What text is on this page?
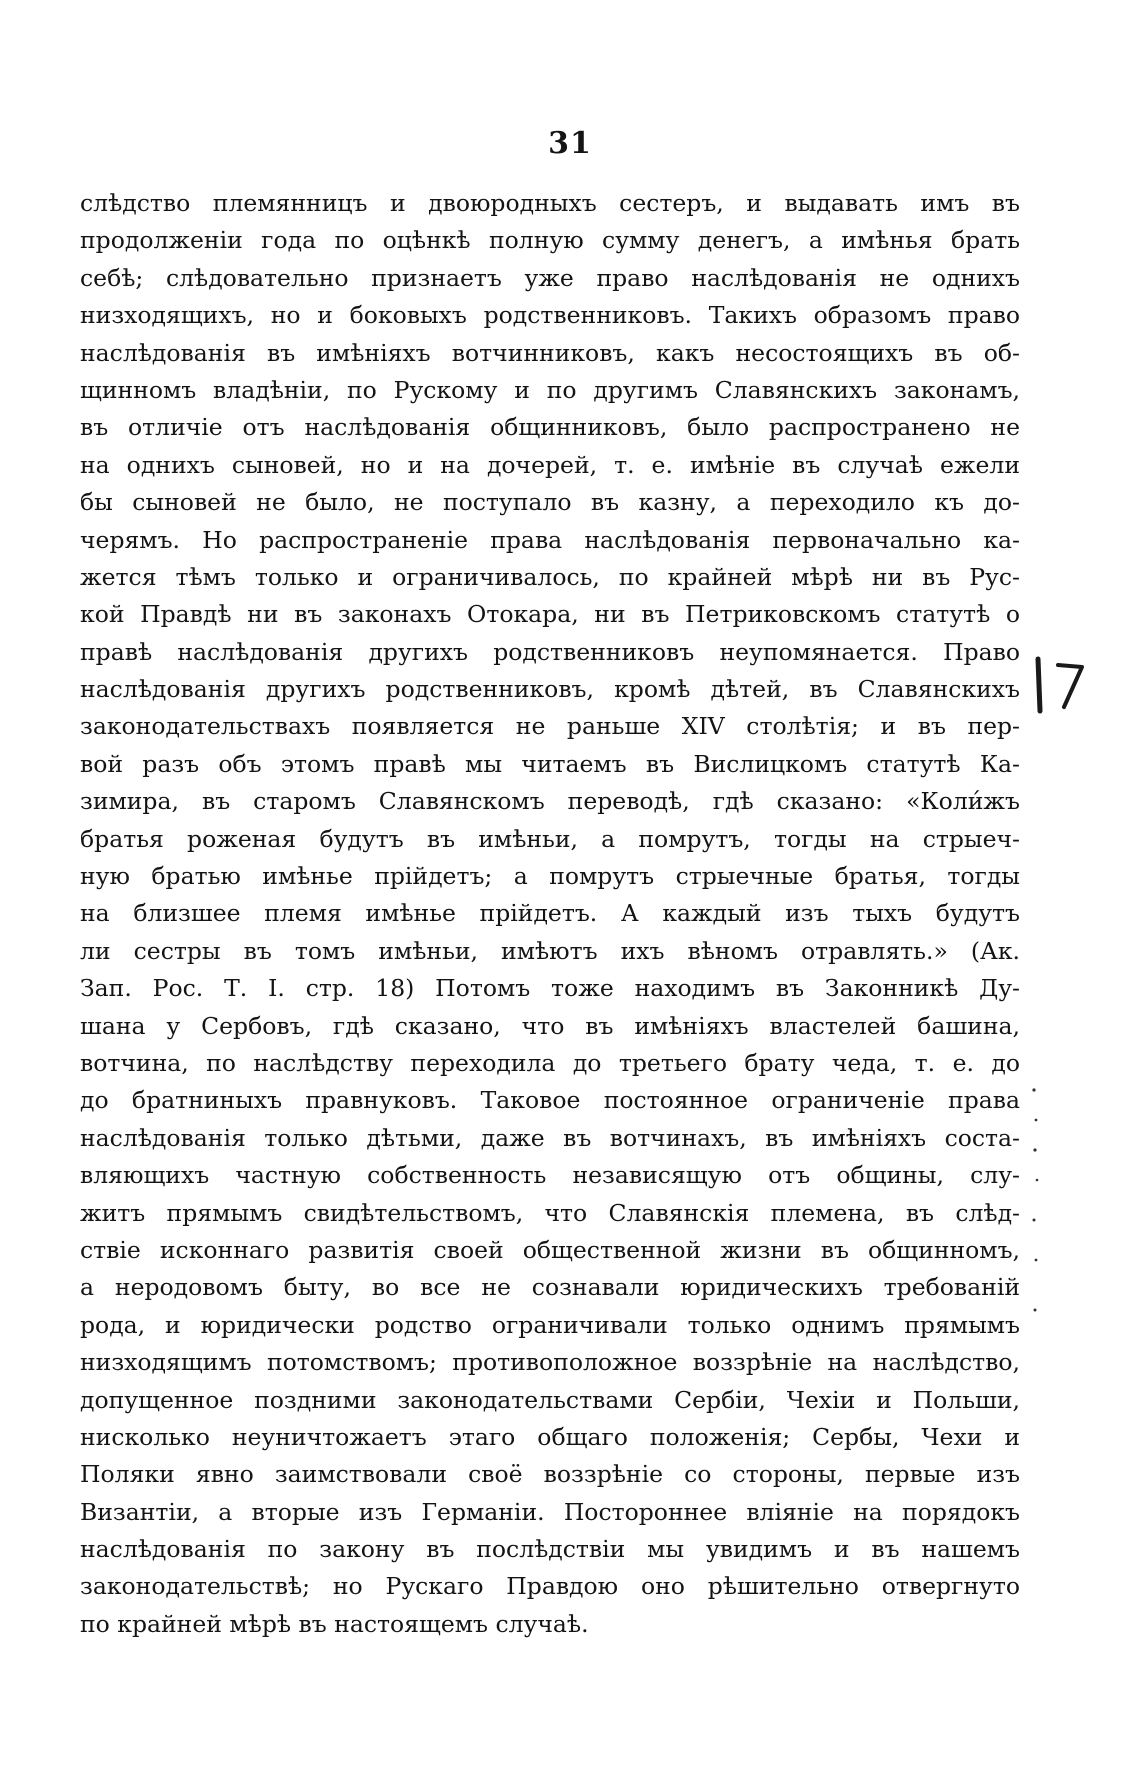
31
слѣдство племянницъ и двоюродныхъ сестеръ, и выдавать имъ въ
продолженіи года по оцѣнкѣ полную сумму денегъ, а имѣнья брать
себѣ; слѣдовательно признаетъ уже право наслѣдованія не однихъ
низходящихъ, но и боковыхъ родственниковъ. Такихъ образомъ право
наслѣдованія въ имѣніяхъ вотчинниковъ, какъ несостоящихъ въ об-
щинномъ владѣніи, по Рускому и по другимъ Славянскихъ законамъ,
въ отличіе отъ наслѣдованія общинниковъ, было распространено не
на однихъ сыновей, но и на дочерей, т. е. имѣніе въ случаѣ ежели
бы сыновей не было, не поступало въ казну, а переходило къ до-
черямъ. Но распространеніе права наслѣдованія первоначально ка-
жется тѣмъ только и ограничивалось, по крайней мѣрѣ ни въ Рус-
кой Правдѣ ни въ законахъ Отокара, ни въ Петриковскомъ статутѣ о
правѣ наслѣдованія другихъ родственниковъ неупомянается. Право
наслѣдованія другихъ родственниковъ, кромѣ дѣтей, въ Славянскихъ
законодательствахъ появляется не раньше XIV столѣтія; и въ пер-
вой разъ объ этомъ правѣ мы читаемъ въ Вислицкомъ статутѣ Ка-
зимира, въ старомъ Славянскомъ переводѣ, гдѣ сказано: «Коли́жъ
братья роженая будутъ въ имѣньи, а помрутъ, тогды на стрыеч-
ную братью имѣнье прійдетъ; а помрутъ стрыечные братья, тогды
на близшее племя имѣнье прійдетъ. А каждый изъ тыхъ будутъ
ли сестры въ томъ имѣньи, имѣютъ ихъ вѣномъ отравлять.» (Ак.
Зап. Рос. Т. I. стр. 18) Потомъ тоже находимъ въ Законникѣ Ду-
шана у Сербовъ, гдѣ сказано, что въ имѣніяхъ властелей башина,
вотчина, по наслѣдству переходила до третьего брату чеда, т. е. до
до братниныхъ правнуковъ. Таковое постоянное ограниченіе права
наслѣдованія только дѣтьми, даже въ вотчинахъ, въ имѣніяхъ соста-
вляющихъ частную собственность независящую отъ общины, слу-
житъ прямымъ свидѣтельствомъ, что Славянскія племена, въ слѣд-
ствіе исконнаго развитія своей общественной жизни въ общинномъ,
а неродовомъ быту, во все не сознавали юридическихъ требованій
рода, и юридически родство ограничивали только однимъ прямымъ
низходящимъ потомствомъ; противоположное воззрѣніе на наслѣдство,
допущенное поздними законодательствами Сербіи, Чехіи и Польши,
нисколько неуничтожаетъ этаго общаго положенія; Сербы, Чехи и
Поляки явно заимствовали своё воззрѣніе со стороны, первые изъ
Византіи, а вторые изъ Германіи. Постороннее вліяніе на порядокъ
наслѣдованія по закону въ послѣдствіи мы увидимъ и въ нашемъ
законодательствѣ; но Рускаго Правдою оно рѣшительно отвергнуто
по крайней мѣрѣ въ настоящемъ случаѣ.
